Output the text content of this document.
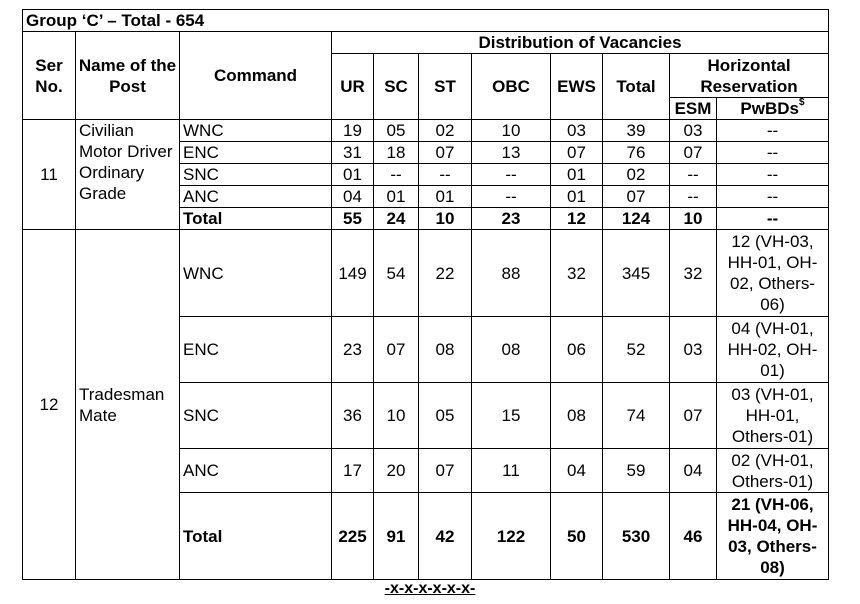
Group ‘C’ – Total - 654										
Ser No.	Name of the Post	Command	Distribution of Vacancies							
			UR	SC	ST	OBC	EWS	Total	Horizontal Reservation	
									ESM	PwBDs$
11	Civilian Motor Driver Ordinary Grade	WNC	19	05	02	10	03	39	03	--
		ENC	31	18	07	13	07	76	07	--
		SNC	01	--	--	--	01	02	--	--
		ANC	04	01	01	--	01	07	--	--
		Total	55	24	10	23	12	124	10	--
12	Tradesman Mate	WNC	149	54	22	88	32	345	32	12 (VH-03, HH-01, OH-02, Others-06)
		ENC	23	07	08	08	06	52	03	04 (VH-01, HH-02, OH-01)
		SNC	36	10	05	15	08	74	07	03 (VH-01, HH-01, Others-01)
		ANC	17	20	07	11	04	59	04	02 (VH-01, Others-01)
		Total	225	91	42	122	50	530	46	21 (VH-06, HH-04, OH-03, Others-08)
-x-x-x-x-x-x-
